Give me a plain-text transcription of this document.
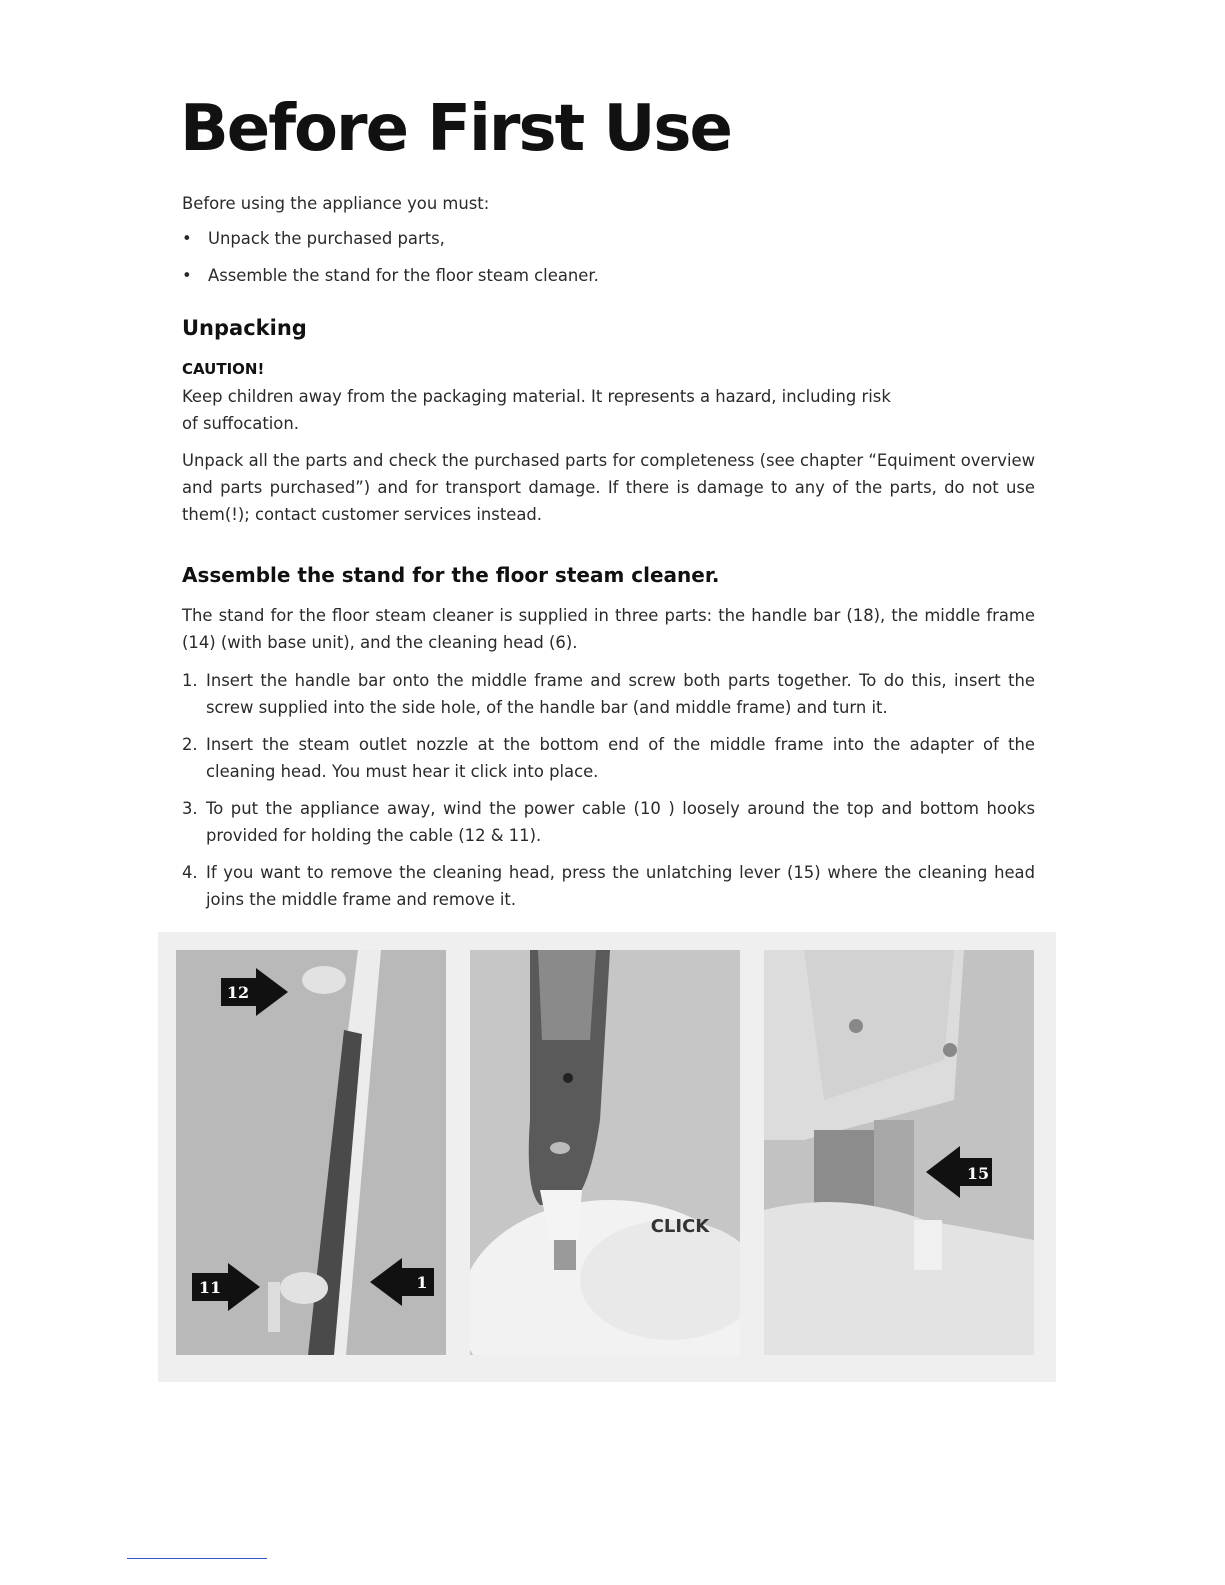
Before First Use

Before using the appliance you must:

• Unpack the purchased parts,
• Assemble the stand for the floor steam cleaner.
Unpacking

CAUTION!

Keep children away from the packaging material. It represents a hazard, including risk

of suffocation.

Unpack all the parts and check the purchased parts for completeness (see chapter “Equiment overview and parts purchased”) and for transport damage. If there is damage to any of the parts, do not use them(!); contact customer services instead.

Assemble the stand for the floor steam cleaner.

The stand for the floor steam cleaner is supplied in three parts: the handle bar (18), the middle frame (14) (with base unit), and the cleaning head (6).

1. Insert the handle bar onto the middle frame and screw both parts together. To do this, insert the screw supplied into the side hole, of the handle bar (and middle frame) and turn it.
2. Insert the steam outlet nozzle at the bottom end of the middle frame into the adapter of the cleaning head. You must hear it click into place.
3. To put the appliance away, wind the power cable (10 ) loosely around the top and bottom hooks provided for holding the cable (12 & 11).
4. If you want to remove the cleaning head, press the unlatching lever (15) where the cleaning head joins the middle frame and remove it.
12
11	1
CLICK
15
